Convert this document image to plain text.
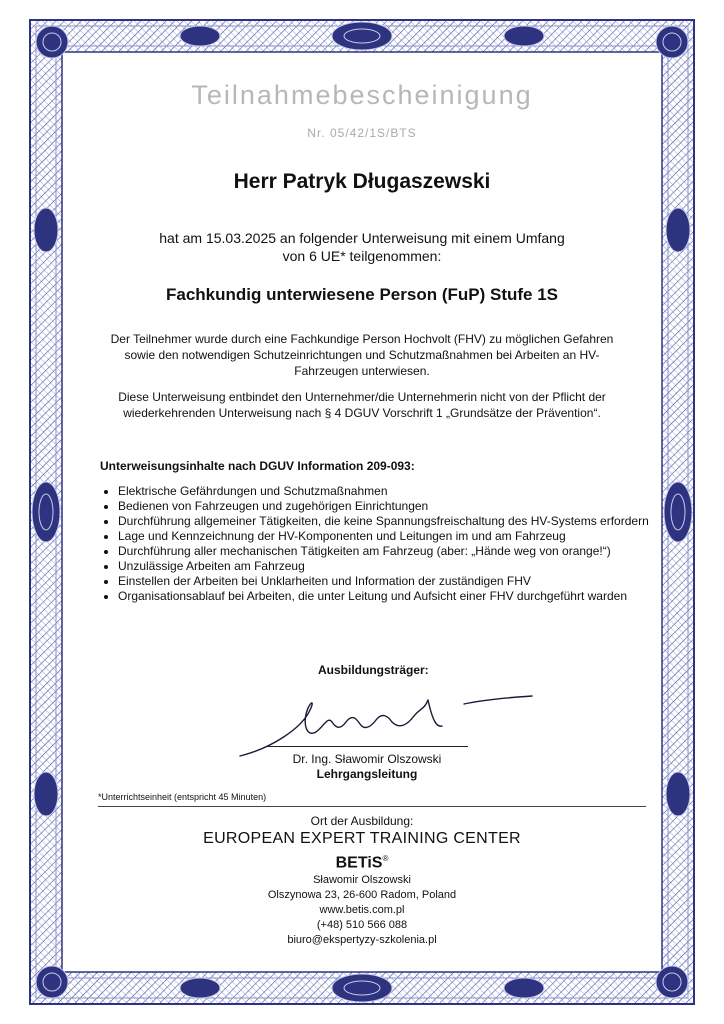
Teilnahmebescheinigung
Nr. 05/42/1S/BTS
Herr Patryk Długaszewski
hat am 15.03.2025 an folgender Unterweisung mit einem Umfang
von 6 UE* teilgenommen:
Fachkundig unterwiesene Person (FuP) Stufe 1S
Der Teilnehmer wurde durch eine Fachkundige Person Hochvolt (FHV) zu möglichen Gefahren sowie den notwendigen Schutzeinrichtungen und Schutzmaßnahmen bei Arbeiten an HV-Fahrzeugen unterwiesen.
Diese Unterweisung entbindet den Unternehmer/die Unternehmerin nicht von der Pflicht der wiederkehrenden Unterweisung nach § 4 DGUV Vorschrift 1 „Grundsätze der Prävention“.
Unterweisungsinhalte nach DGUV Information 209-093:
• Elektrische Gefährdungen und Schutzmaßnahmen
• Bedienen von Fahrzeugen und zugehörigen Einrichtungen
• Durchführung allgemeiner Tätigkeiten, die keine Spannungsfreischaltung des HV-Systems erfordern
• Lage und Kennzeichnung der HV-Komponenten und Leitungen im und am Fahrzeug
• Durchführung aller mechanischen Tätigkeiten am Fahrzeug (aber: „Hände weg von orange!“)
• Unzulässige Arbeiten am Fahrzeug
• Einstellen der Arbeiten bei Unklarheiten und Information der zuständigen FHV
• Organisationsablauf bei Arbeiten, die unter Leitung und Aufsicht einer FHV durchgeführt warden
Ausbildungsträger:
Dr. Ing. Sławomir Olszowski
Lehrgangsleitung
*Unterrichtseinheit (entspricht 45 Minuten)
Ort der Ausbildung:
EUROPEAN EXPERT TRAINING CENTER
BETiS®
Sławomir Olszowski
Olszynowa 23, 26-600 Radom, Poland
www.betis.com.pl
(+48) 510 566 088
biuro@ekspertyzy-szkolenia.pl
